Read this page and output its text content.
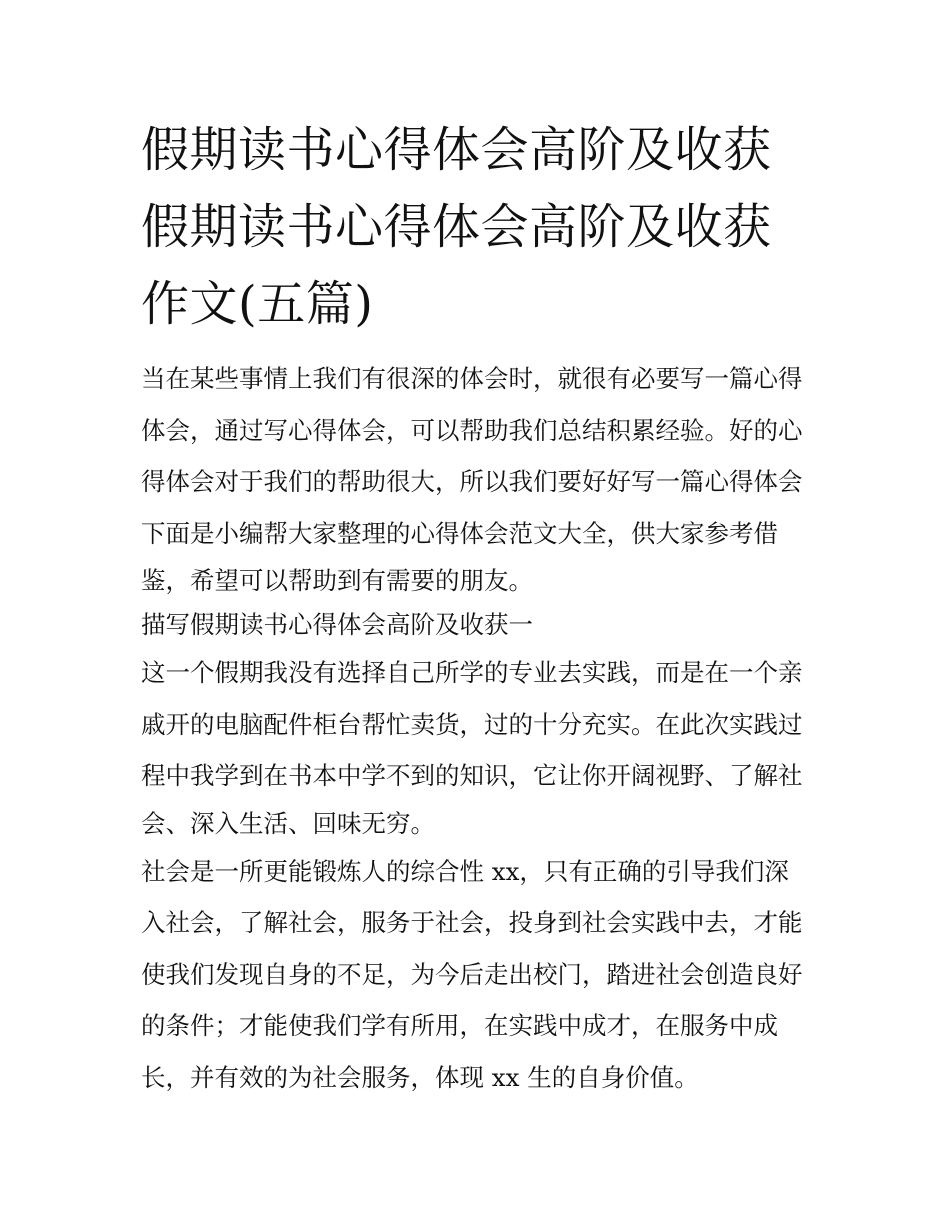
假期读书心得体会高阶及收获
假期读书心得体会高阶及收获
作文(五篇)
当在某些事情上我们有很深的体会时，就很有必要写一篇心得
体会，通过写心得体会，可以帮助我们总结积累经验。好的心
得体会对于我们的帮助很大，所以我们要好好写一篇心得体会
下面是小编帮大家整理的心得体会范文大全，供大家参考借
鉴，希望可以帮助到有需要的朋友。
描写假期读书心得体会高阶及收获一
这一个假期我没有选择自己所学的专业去实践，而是在一个亲
戚开的电脑配件柜台帮忙卖货，过的十分充实。在此次实践过
程中我学到在书本中学不到的知识，它让你开阔视野、了解社
会、深入生活、回味无穷。
社会是一所更能锻炼人的综合性 xx，只有正确的引导我们深
入社会，了解社会，服务于社会，投身到社会实践中去，才能
使我们发现自身的不足，为今后走出校门，踏进社会创造良好
的条件；才能使我们学有所用，在实践中成才，在服务中成
长，并有效的为社会服务，体现 xx 生的自身价值。
